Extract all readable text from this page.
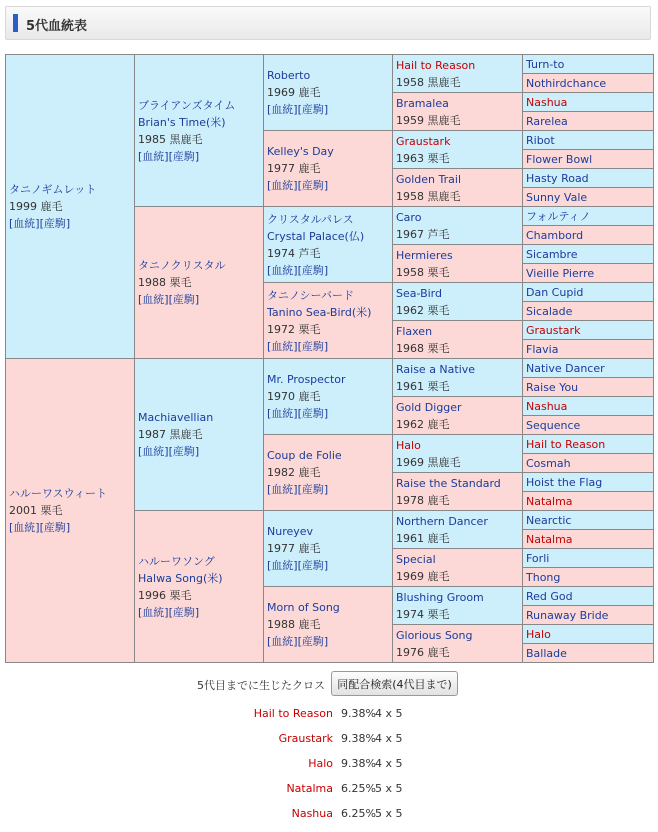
5代血統表
タニノギムレット
1999 鹿毛
[血統][産駒]	ブライアンズタイム
Brian's Time(米)
1985 黒鹿毛
[血統][産駒]	Roberto
1969 鹿毛
[血統][産駒]	Hail to Reason
1958 黒鹿毛	Turn-to
				Nothirdchance
			Bramalea
1959 黒鹿毛	Nashua
				Rarelea
		Kelley's Day
1977 鹿毛
[血統][産駒]	Graustark
1963 栗毛	Ribot
				Flower Bowl
			Golden Trail
1958 黒鹿毛	Hasty Road
				Sunny Vale
	タニノクリスタル
1988 栗毛
[血統][産駒]	クリスタルパレス
Crystal Palace(仏)
1974 芦毛
[血統][産駒]	Caro
1967 芦毛	フォルティノ
				Chambord
			Hermieres
1958 栗毛	Sicambre
				Vieille Pierre
		タニノシーバード
Tanino Sea-Bird(米)
1972 栗毛
[血統][産駒]	Sea-Bird
1962 栗毛	Dan Cupid
				Sicalade
			Flaxen
1968 栗毛	Graustark
				Flavia
ハルーワスウィート
2001 栗毛
[血統][産駒]	Machiavellian
1987 黒鹿毛
[血統][産駒]	Mr. Prospector
1970 鹿毛
[血統][産駒]	Raise a Native
1961 栗毛	Native Dancer
				Raise You
			Gold Digger
1962 鹿毛	Nashua
				Sequence
		Coup de Folie
1982 鹿毛
[血統][産駒]	Halo
1969 黒鹿毛	Hail to Reason
				Cosmah
			Raise the Standard
1978 鹿毛	Hoist the Flag
				Natalma
	ハルーワソング
Halwa Song(米)
1996 栗毛
[血統][産駒]	Nureyev
1977 鹿毛
[血統][産駒]	Northern Dancer
1961 鹿毛	Nearctic
				Natalma
			Special
1969 鹿毛	Forli
				Thong
		Morn of Song
1988 鹿毛
[血統][産駒]	Blushing Groom
1974 栗毛	Red God
				Runaway Bride
			Glorious Song
1976 鹿毛	Halo
				Ballade
5代目までに生じたクロス	同配合検索(4代目まで)
Hail to Reason 9.38% 4 x 5
Graustark 9.38% 4 x 5
Halo 9.38% 4 x 5
Natalma 6.25% 5 x 5
Nashua 6.25% 5 x 5
